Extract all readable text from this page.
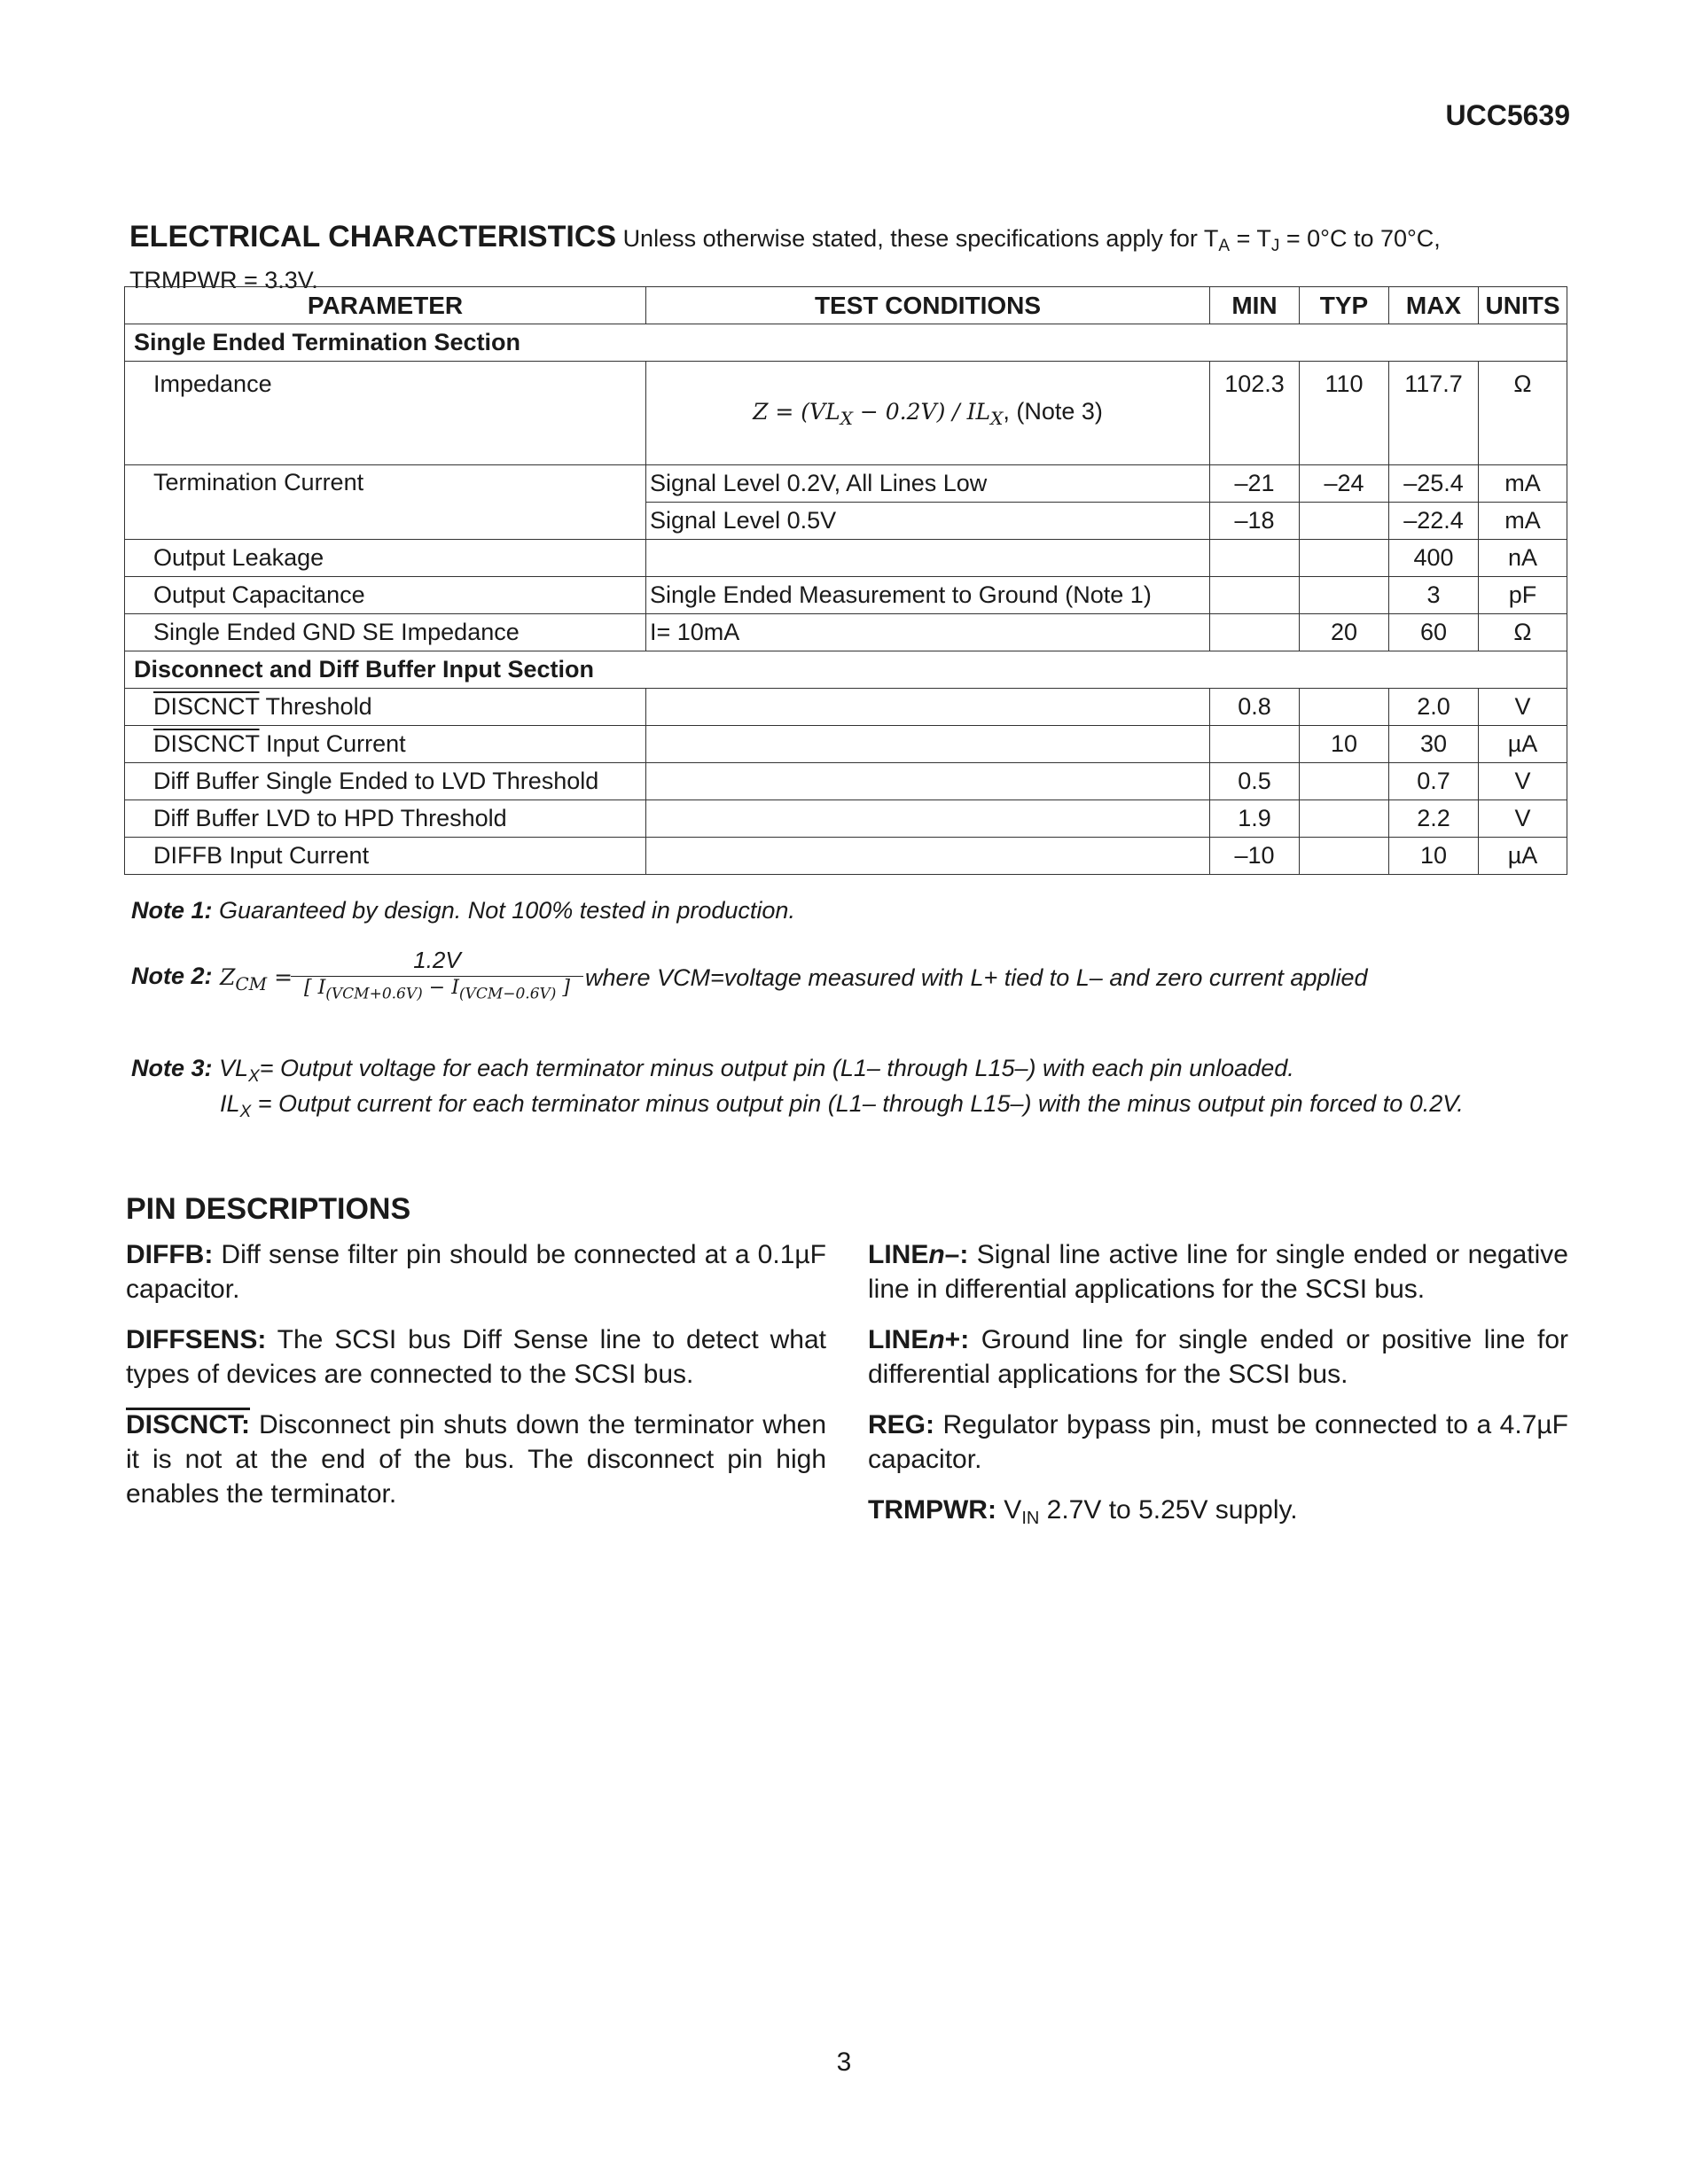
UCC5639
ELECTRICAL CHARACTERISTICS Unless otherwise stated, these specifications apply for $T_A = T_J = 0^\circ C$ to 70°C,
TRMPWR = 3.3V.
PARAMETER	TEST CONDITIONS	MIN	TYP	MAX	UNITS
Single Ended Termination Section					
Impedance	$Z = (VL_X - 0.2V) / IL_X$, (Note 3)	102.3	110	117.7	Ω
Termination Current	Signal Level 0.2V, All Lines Low	–21	–24	–25.4	mA
	Signal Level 0.5V	–18		–22.4	mA
Output Leakage				400	nA
Output Capacitance	Single Ended Measurement to Ground (Note 1)			3	pF
Single Ended GND SE Impedance	I= 10mA		20	60	Ω
Disconnect and Diff Buffer Input Section					
DISCNCT Threshold		0.8		2.0	V
DISCNCT Input Current			10	30	µA
Diff Buffer Single Ended to LVD Threshold		0.5		0.7	V
Diff Buffer LVD to HPD Threshold		1.9		2.2	V
DIFFB Input Current		–10		10	µA
Note 1: Guaranteed by design. Not 100% tested in production.
Note 2: $Z_{CM}$ =
1.2V
[ $I_{(VCM+0.6V)} - I_{(VCM-0.6V)}$ ] where VCM=voltage measured with L+ tied to L– and zero current applied
Note 3: $VL_X=$ Output voltage for each terminator minus output pin (L1– through L15–) with each pin unloaded.
$IL_X$ = Output current for each terminator minus output pin (L1– through L15–) with the minus output pin forced to 0.2V.
PIN DESCRIPTIONS

DIFFB: Diff sense filter pin should be connected at a 0.1µF capacitor.

DIFFSENS: The SCSI bus Diff Sense line to detect what types of devices are connected to the SCSI bus.

DISCNCT: Disconnect pin shuts down the terminator when it is not at the end of the bus. The disconnect pin high enables the terminator.

LINEn–: Signal line active line for single ended or negative line in differential applications for the SCSI bus.

LINEn+: Ground line for single ended or positive line for differential applications for the SCSI bus.

REG: Regulator bypass pin, must be connected to a 4.7µF capacitor.

TRMPWR: $V_{IN}$ 2.7V to 5.25V supply.

3
